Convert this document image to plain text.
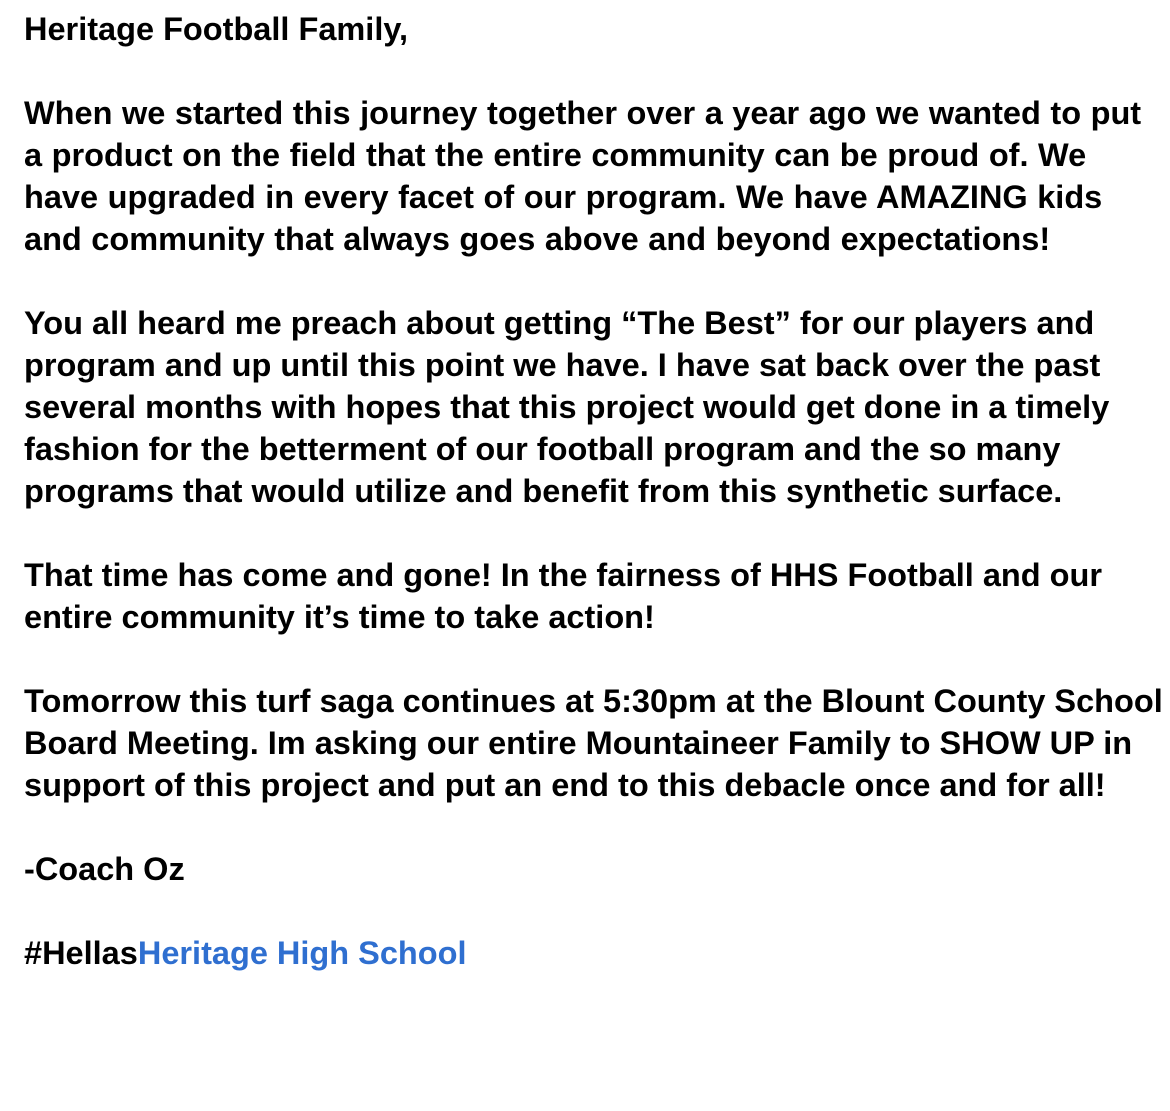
Heritage Football Family,

When we started this journey together over a year ago we wanted to put a product on the field that the entire community can be proud of. We have upgraded in every facet of our program. We have AMAZING kids and community that always goes above and beyond expectations!

You all heard me preach about getting “The Best” for our players and program and up until this point we have. I have sat back over the past several months with hopes that this project would get done in a timely fashion for the betterment of our football program and the so many programs that would utilize and benefit from this synthetic surface.

That time has come and gone! In the fairness of HHS Football and our entire community it’s time to take action!

Tomorrow this turf saga continues at 5:30pm at the Blount County School Board Meeting. Im asking our entire Mountaineer Family to SHOW UP in support of this project and put an end to this debacle once and for all!

-Coach Oz

#HellasHeritage High School
